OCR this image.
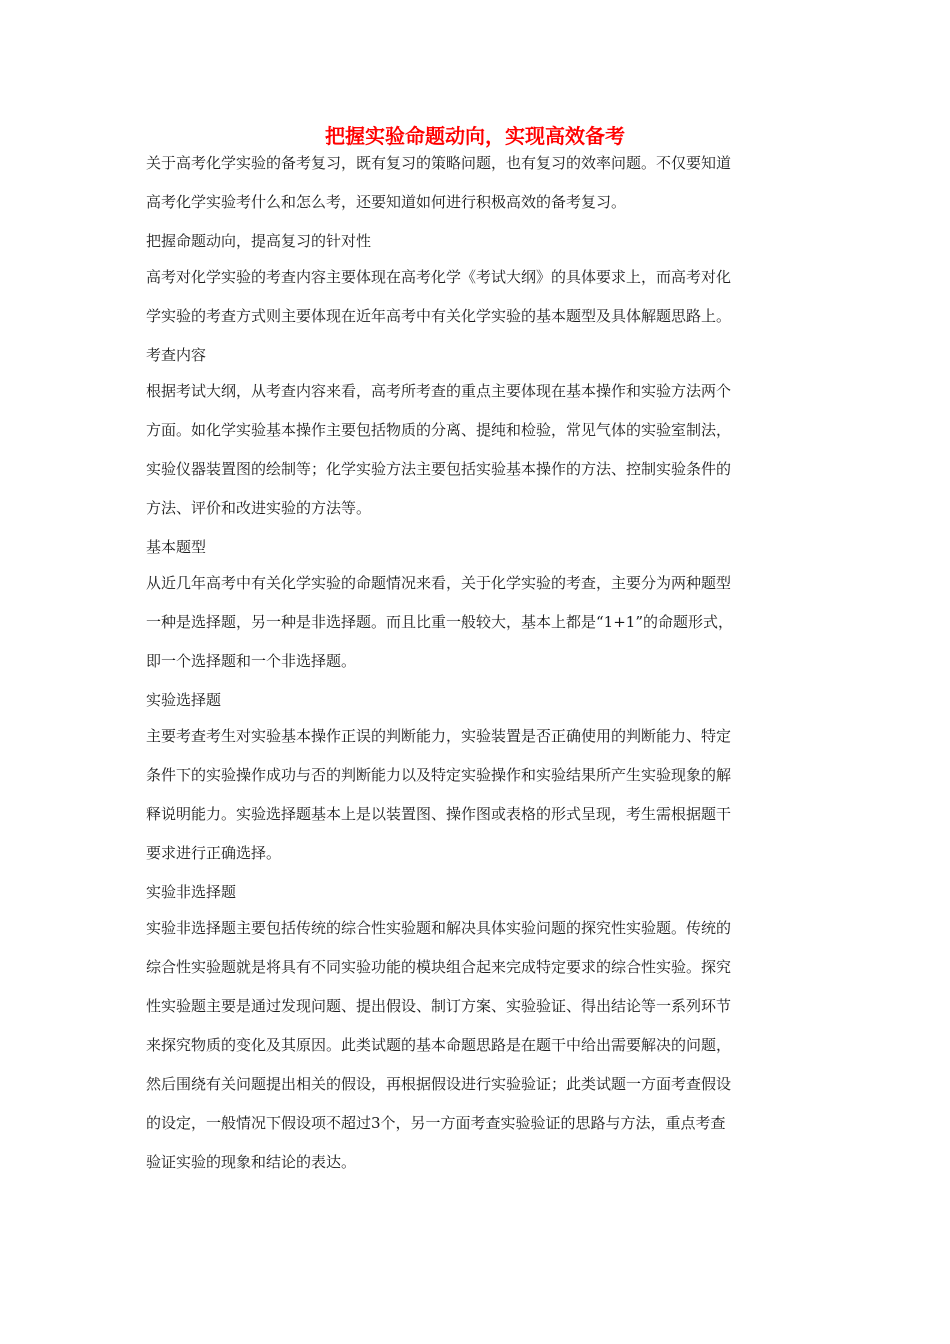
把握实验命题动向，实现高效备考
关于高考化学实验的备考复习，既有复习的策略问题，也有复习的效率问题。不仅要知道
高考化学实验考什么和怎么考，还要知道如何进行积极高效的备考复习。
把握命题动向，提高复习的针对性
高考对化学实验的考查内容主要体现在高考化学《考试大纲》的具体要求上，而高考对化
学实验的考查方式则主要体现在近年高考中有关化学实验的基本题型及具体解题思路上。
考查内容
根据考试大纲，从考查内容来看，高考所考查的重点主要体现在基本操作和实验方法两个
方面。如化学实验基本操作主要包括物质的分离、提纯和检验，常见气体的实验室制法，
实验仪器装置图的绘制等；化学实验方法主要包括实验基本操作的方法、控制实验条件的
方法、评价和改进实验的方法等。
基本题型
从近几年高考中有关化学实验的命题情况来看，关于化学实验的考查，主要分为两种题型
一种是选择题，另一种是非选择题。而且比重一般较大，基本上都是“1+1”的命题形式，
即一个选择题和一个非选择题。
实验选择题
主要考查考生对实验基本操作正误的判断能力，实验装置是否正确使用的判断能力、特定
条件下的实验操作成功与否的判断能力以及特定实验操作和实验结果所产生实验现象的解
释说明能力。实验选择题基本上是以装置图、操作图或表格的形式呈现，考生需根据题干
要求进行正确选择。
实验非选择题
实验非选择题主要包括传统的综合性实验题和解决具体实验问题的探究性实验题。传统的
综合性实验题就是将具有不同实验功能的模块组合起来完成特定要求的综合性实验。探究
性实验题主要是通过发现问题、提出假设、制订方案、实验验证、得出结论等一系列环节
来探究物质的变化及其原因。此类试题的基本命题思路是在题干中给出需要解决的问题，
然后围绕有关问题提出相关的假设，再根据假设进行实验验证；此类试题一方面考查假设
的设定，一般情况下假设项不超过3个，另一方面考查实验验证的思路与方法，重点考查
验证实验的现象和结论的表达。
